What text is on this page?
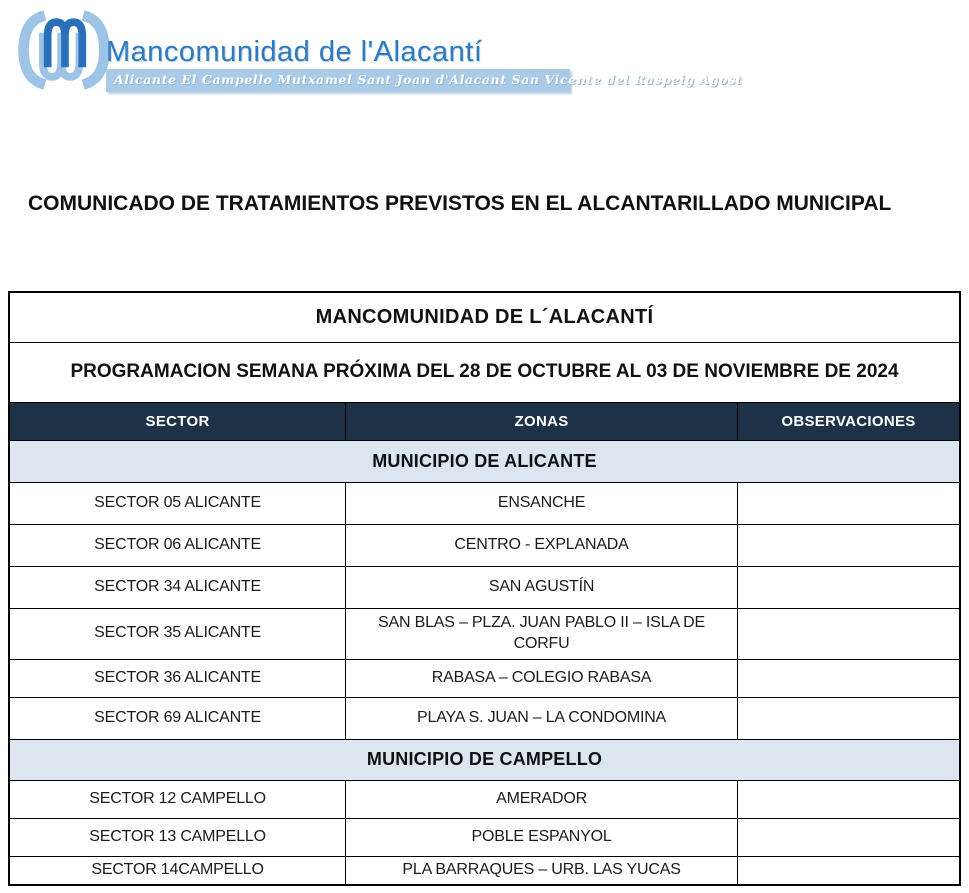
Mancomunidad de l'Alacantí
Alicante El Campello Mutxamel Sant Joan d'Alacant San Vicente del Raspeig Agost
COMUNICADO DE TRATAMIENTOS PREVISTOS EN EL ALCANTARILLADO MUNICIPAL
MANCOMUNIDAD DE L´ALACANTÍ		
PROGRAMACION SEMANA PRÓXIMA DEL 28 DE OCTUBRE AL 03 DE NOVIEMBRE DE 2024		
SECTOR	ZONAS	OBSERVACIONES
MUNICIPIO DE ALICANTE		
SECTOR 05 ALICANTE	ENSANCHE	
SECTOR 06 ALICANTE	CENTRO - EXPLANADA	
SECTOR 34 ALICANTE	SAN AGUSTÍN	
SECTOR 35 ALICANTE	SAN BLAS – PLZA. JUAN PABLO II – ISLA DE CORFU	
SECTOR 36 ALICANTE	RABASA – COLEGIO RABASA	
SECTOR 69 ALICANTE	PLAYA S. JUAN – LA CONDOMINA	
MUNICIPIO DE CAMPELLO		
SECTOR 12 CAMPELLO	AMERADOR	
SECTOR 13 CAMPELLO	POBLE ESPANYOL	
SECTOR 14CAMPELLO	PLA BARRAQUES – URB. LAS YUCAS	
